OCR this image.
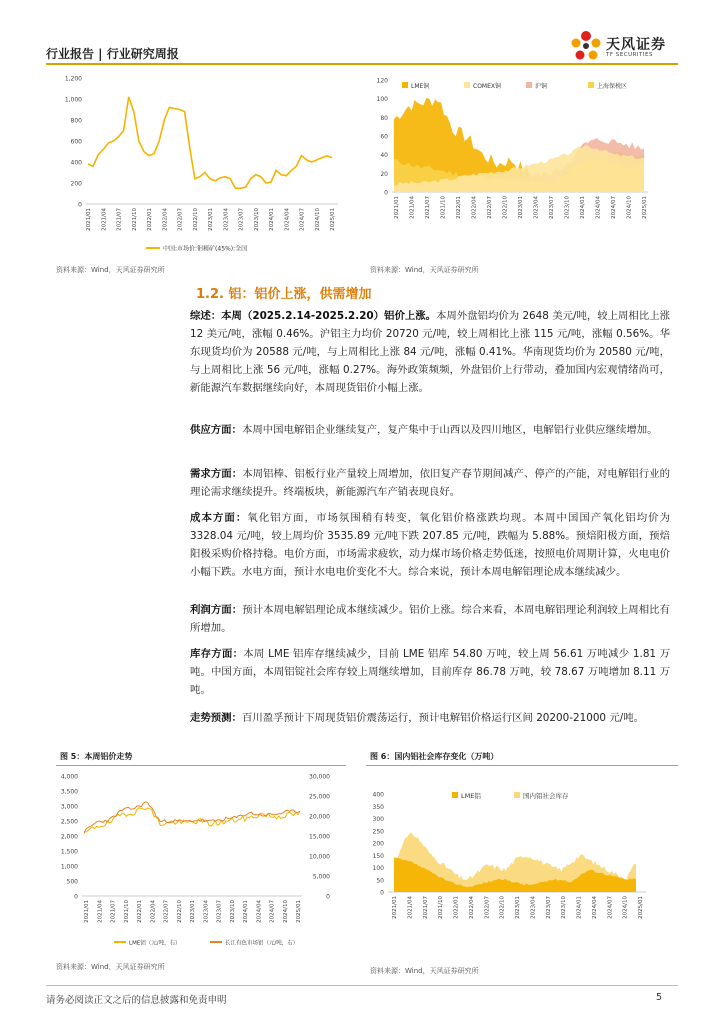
行业报告 | 行业研究周报
天风证券
TF SECURITIES
1,200
1,000
800
600
400
200
0
2021/01 2021/04 2021/07 2021/10 2022/01 2022/04 2022/07 2022/10 2023/01 2023/04 2023/07 2023/10 2024/01 2024/04 2024/07 2024/10 2025/01
中国:市场价:钼精矿(45%):全国
资料来源：Wind，天风证券研究所
120
100
80
60
40
20
0
2021/01 2021/04 2021/07 2021/10 2022/01 2022/04 2022/07 2022/10 2023/01 2023/04 2023/07 2023/10 2024/01 2024/04 2024/07 2024/10 2025/01
LME铜	COMEX铜	沪铜	上海保税区
资料来源：Wind，天风证券研究所
1.2. 铝：铝价上涨，供需增加
综述：本周（2025.2.14-2025.2.20）铝价上涨。本周外盘铝均价为 2648 美元/吨，较上周相比上涨 12 美元/吨，涨幅 0.46%。沪铝主力均价 20720 元/吨，较上周相比上涨 115 元/吨，涨幅 0.56%。华东现货均价为 20588 元/吨，与上周相比上涨 84 元/吨，涨幅 0.41%。华南现货均价为 20580 元/吨，与上周相比上涨 56 元/吨，涨幅 0.27%。海外政策频频，外盘铝价上行带动，叠加国内宏观情绪尚可，新能源汽车数据继续向好，本周现货铝价小幅上涨。
供应方面：本周中国电解铝企业继续复产，复产集中于山西以及四川地区，电解铝行业供应继续增加。
需求方面：本周铝棒、铝板行业产量较上周增加，依旧复产春节期间减产、停产的产能，对电解铝行业的理论需求继续提升。终端板块，新能源汽车产销表现良好。
成本方面：氧化铝方面，市场氛围稍有转变，氧化铝价格涨跌均现。本周中国国产氧化铝均价为 3328.04 元/吨，较上周均价 3535.89 元/吨下跌 207.85 元/吨，跌幅为 5.88%。预焙阳极方面，预焙阳极采购价格持稳。电价方面，市场需求疲软，动力煤市场价格走势低迷，按照电价周期计算，火电电价小幅下跌。水电方面，预计水电电价变化不大。综合来说，预计本周电解铝理论成本继续减少。
利润方面：预计本周电解铝理论成本继续减少。铝价上涨。综合来看，本周电解铝理论利润较上周相比有所增加。
库存方面：本周 LME 铝库存继续减少，目前 LME 铝库 54.80 万吨，较上周 56.61 万吨减少 1.81 万吨。中国方面，本周铝锭社会库存较上周继续增加，目前库存 86.78 万吨，较 78.67 万吨增加 8.11 万吨。
走势预测：百川盈孚预计下周现货铝价震荡运行，预计电解铝价格运行区间 20200-21000 元/吨。
图 5：本周铝价走势
4,000
3,500
3,000
2,500
2,000
1,500
1,000
500
0
30,000
25,000
20,000
15,000
10,000
5,000
0
2021/01 2021/04 2021/07 2021/10 2022/01 2022/04 2022/07 2022/10 2023/01 2023/04 2023/07 2023/10 2024/01 2024/04 2024/07 2024/10 2025/01
LME铝（元/吨，右）	长江有色市场铝（元/吨，右）
资料来源：Wind，天风证券研究所
图 6：国内铝社会库存变化（万吨）
400
350
300
250
200
150
100
50
0
2021/01 2021/04 2021/07 2021/10 2022/01 2022/04 2022/07 2022/10 2023/01 2023/04 2023/07 2023/10 2024/01 2024/04 2024/07 2024/10 2025/01
LME铝	国内铝社会库存
资料来源：Wind，天风证券研究所
请务必阅读正文之后的信息披露和免责申明	5
